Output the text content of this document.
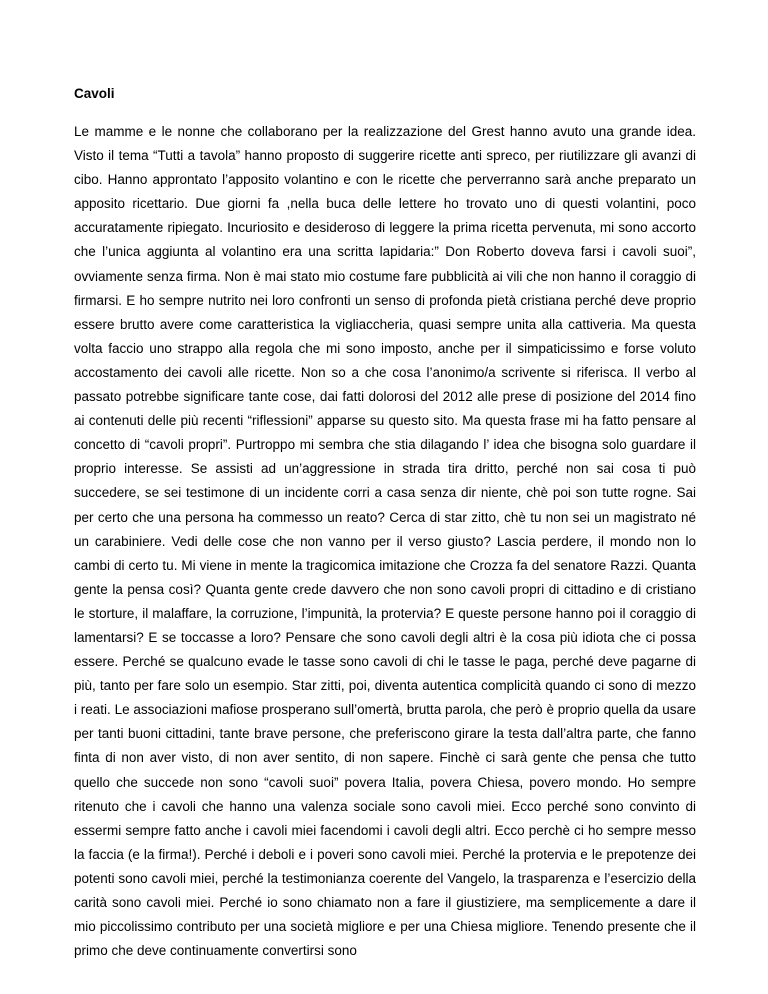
Cavoli

Le mamme e le nonne che collaborano per la realizzazione del Grest hanno avuto una grande idea. Visto il tema “Tutti a tavola” hanno proposto di suggerire ricette anti spreco, per riutilizzare gli avanzi di cibo. Hanno approntato l’apposito volantino e con le ricette che perverranno sarà anche preparato un apposito ricettario. Due giorni fa ,nella buca delle lettere ho trovato uno di questi volantini, poco accuratamente ripiegato. Incuriosito e desideroso di leggere la prima ricetta pervenuta, mi sono accorto che l’unica aggiunta al volantino era una scritta lapidaria:” Don Roberto doveva farsi i cavoli suoi”, ovviamente senza firma. Non è mai stato mio costume fare pubblicità ai vili che non hanno il coraggio di firmarsi. E ho sempre nutrito nei loro confronti un senso di profonda pietà cristiana perché deve proprio essere brutto avere come caratteristica la vigliaccheria, quasi sempre unita alla cattiveria. Ma questa volta faccio uno strappo alla regola che mi sono imposto, anche per il simpaticissimo e forse voluto accostamento dei cavoli alle ricette. Non so a che cosa l’anonimo/a scrivente si riferisca. Il verbo al passato potrebbe significare tante cose, dai fatti dolorosi del 2012 alle prese di posizione del 2014 fino ai contenuti delle più recenti “riflessioni” apparse su questo sito. Ma questa frase mi ha fatto pensare al concetto di “cavoli propri”. Purtroppo mi sembra che stia dilagando l’ idea che bisogna solo guardare il proprio interesse. Se assisti ad un’aggressione in strada tira dritto, perché non sai cosa ti può succedere, se sei testimone di un incidente corri a casa senza dir niente, chè poi son tutte rogne. Sai per certo che una persona ha commesso un reato? Cerca di star zitto, chè tu non sei un magistrato né un carabiniere. Vedi delle cose che non vanno per il verso giusto? Lascia perdere, il mondo non lo cambi di certo tu. Mi viene in mente la tragicomica imitazione che Crozza fa del senatore Razzi. Quanta gente la pensa così? Quanta gente crede davvero che non sono cavoli propri di cittadino e di cristiano le storture, il malaffare, la corruzione, l’impunità, la protervia? E queste persone hanno poi il coraggio di lamentarsi? E se toccasse a loro? Pensare che sono cavoli degli altri è la cosa più idiota che ci possa essere. Perché se qualcuno evade le tasse sono cavoli di chi le tasse le paga, perché deve pagarne di più, tanto per fare solo un esempio. Star zitti, poi, diventa autentica complicità quando ci sono di mezzo i reati. Le associazioni mafiose prosperano sull’omertà, brutta parola, che però è proprio quella da usare per tanti buoni cittadini, tante brave persone, che preferiscono girare la testa dall’altra parte, che fanno finta di non aver visto, di non aver sentito, di non sapere. Finchè ci sarà gente che pensa che tutto quello che succede non sono “cavoli suoi” povera Italia, povera Chiesa, povero mondo. Ho sempre ritenuto che i cavoli che hanno una valenza sociale sono cavoli miei. Ecco perché sono convinto di essermi sempre fatto anche i cavoli miei facendomi i cavoli degli altri. Ecco perchè ci ho sempre messo la faccia (e la firma!). Perché i deboli e i poveri sono cavoli miei. Perché la protervia e le prepotenze dei potenti sono cavoli miei, perché la testimonianza coerente del Vangelo, la trasparenza e l’esercizio della carità sono cavoli miei. Perché io sono chiamato non a fare il giustiziere, ma semplicemente a dare il mio piccolissimo contributo per una società migliore e per una Chiesa migliore. Tenendo presente che il primo che deve continuamente convertirsi sono
